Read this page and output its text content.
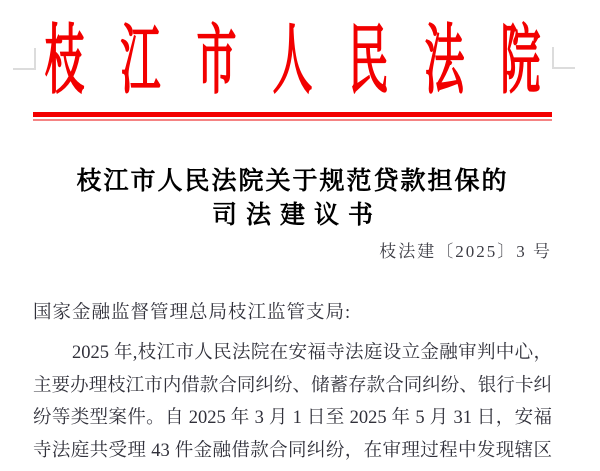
枝江市人民法院
枝江市人民法院关于规范贷款担保的
司法建议书
枝法建〔2025〕3 号
国家金融监督管理总局枝江监管支局:
2025 年,枝江市人民法院在安福寺法庭设立金融审判中心，
主要办理枝江市内借款合同纠纷、储蓄存款合同纠纷、银行卡纠
纷等类型案件。自 2025 年 3 月 1 日至 2025 年 5 月 31 日，安福
寺法庭共受理 43 件金融借款合同纠纷，在审理过程中发现辖区
